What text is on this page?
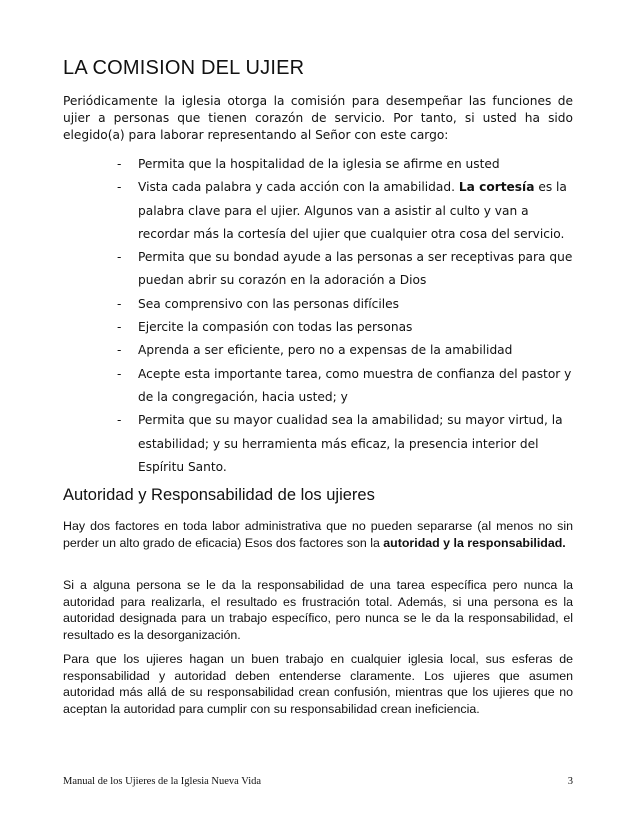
LA COMISION DEL UJIER

Periódicamente la iglesia otorga la comisión para desempeñar las funciones de ujier a personas que tienen corazón de servicio. Por tanto, si usted ha sido elegido(a) para laborar representando al Señor con este cargo:

- Permita que la hospitalidad de la iglesia se afirme en usted
- Vista cada palabra y cada acción con la amabilidad. La cortesía es la palabra clave para el ujier. Algunos van a asistir al culto y van a recordar más la cortesía del ujier que cualquier otra cosa del servicio.
- Permita que su bondad ayude a las personas a ser receptivas para que puedan abrir su corazón en la adoración a Dios
- Sea comprensivo con las personas difíciles
- Ejercite la compasión con todas las personas
- Aprenda a ser eficiente, pero no a expensas de la amabilidad
- Acepte esta importante tarea, como muestra de confianza del pastor y de la congregación, hacia usted; y
- Permita que su mayor cualidad sea la amabilidad; su mayor virtud, la estabilidad; y su herramienta más eficaz, la presencia interior del Espíritu Santo.
Autoridad y Responsabilidad de los ujieres

Hay dos factores en toda labor administrativa que no pueden separarse (al menos no sin perder un alto grado de eficacia) Esos dos factores son la autoridad y la responsabilidad.

Si a alguna persona se le da la responsabilidad de una tarea específica pero nunca la autoridad para realizarla, el resultado es frustración total. Además, si una persona es la autoridad designada para un trabajo específico, pero nunca se le da la responsabilidad, el resultado es la desorganización.

Para que los ujieres hagan un buen trabajo en cualquier iglesia local, sus esferas de responsabilidad y autoridad deben entenderse claramente. Los ujieres que asumen autoridad más allá de su responsabilidad crean confusión, mientras que los ujieres que no aceptan la autoridad para cumplir con su responsabilidad crean ineficiencia.

Manual de los Ujieres de la Iglesia Nueva Vida	3
